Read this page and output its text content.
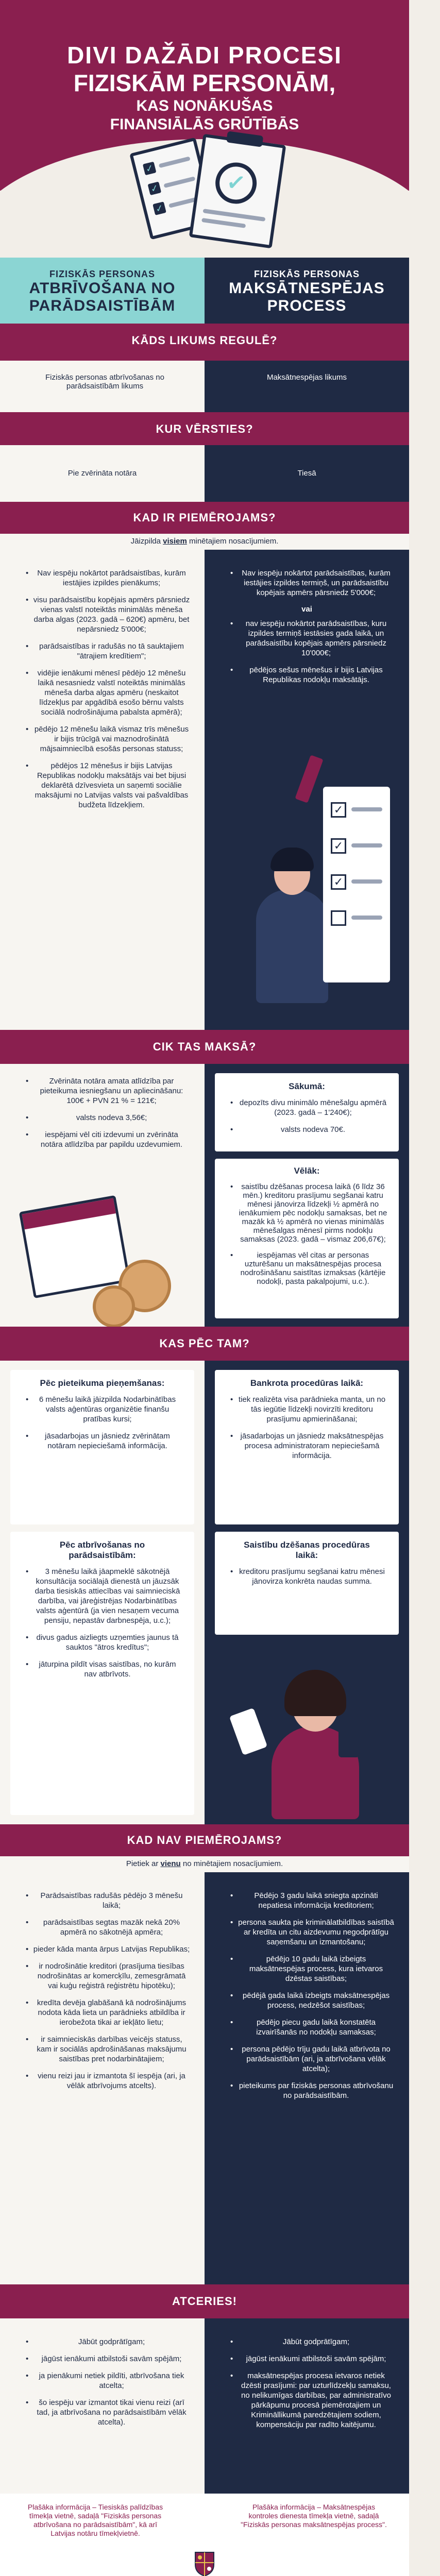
✓
✓
✓
✓
DIVI DAŽĀDI PROCESI
FIZISKĀM PERSONĀM,
KAS NONĀKUŠAS
FINANSIĀLĀS GRŪTĪBĀS
FIZISKĀS PERSONAS
ATBRĪVOŠANA NO
PARĀDSAISTĪBĀM
FIZISKĀS PERSONAS
MAKSĀTNESPĒJAS
PROCESS
KĀDS LIKUMS REGULĒ?
Fiziskās personas atbrīvošanas no parādsaistībām likums
Maksātnespējas likums
KUR VĒRSTIES?
Pie zvērināta notāra	Tiesā
KAD IR PIEMĒROJAMS?
Jāizpilda visiem minētajiem nosacījumiem.
• Nav iespēju nokārtot parādsaistības, kurām iestājies izpildes pienākums;
• visu parādsaistību kopējais apmērs pārsniedz vienas valstī noteiktās minimālās mēneša darba algas (2023. gadā – 620€) apmēru, bet nepārsniedz 5'000€;
• parādsaistības ir radušās no tā sauktajiem "ātrajiem kredītiem";
• vidējie ienākumi mēnesī pēdējo 12 mēnešu laikā nesasniedz valstī noteiktās minimālās mēneša darba algas apmēru (neskaitot līdzekļus par apgādībā esošo bērnu valsts sociālā nodrošinājuma pabalsta apmērā);
• pēdējo 12 mēnešu laikā vismaz trīs mēnešus ir bijis trūcīgā vai maznodrošinātā mājsaimniecībā esošās personas statuss;
• pēdējos 12 mēnešus ir bijis Latvijas Republikas nodokļu maksātājs vai bet bijusi deklarētā dzīvesvieta un saņemti sociālie maksājumi no Latvijas valsts vai pašvaldības budžeta līdzekļiem.
• Nav iespēju nokārtot parādsaistības, kurām iestājies izpildes termiņš, un parādsaistību kopējais apmērs pārsniedz 5'000€;
vai
• nav iespēju nokārtot parādsaistības, kuru izpildes termiņš iestāsies gada laikā, un parādsaistību kopējais apmērs pārsniedz 10'000€;
• pēdējos sešus mēnešus ir bijis Latvijas Republikas nodokļu maksātājs.
✓
✓
✓
CIK TAS MAKSĀ?
• Zvērināta notāra amata atlīdzība par pieteikuma iesniegšanu un apliecināšanu: 100€ + PVN 21 % = 121€;
• valsts nodeva 3,56€;
• iespējami vēl citi izdevumi un zvērināta notāra atlīdzība par papildu uzdevumiem.
Sākumā:
• depozīts divu minimālo mēnešalgu apmērā (2023. gadā – 1'240€);
• valsts nodeva 70€.
Vēlāk:
• saistību dzēšanas procesa laikā (6 līdz 36 mēn.) kreditoru prasījumu segšanai katru mēnesi jānovirza līdzekļi ½ apmērā no ienākumiem pēc nodokļu samaksas, bet ne mazāk kā ½ apmērā no vienas minimālās mēnešalgas mēnesī pirms nodokļu samaksas (2023. gadā – vismaz 206,67€);
• iespējamas vēl citas ar personas uzturēšanu un maksātnespējas procesa nodrošināšanu saistītas izmaksas (kārtējie nodokļi, pasta pakalpojumi, u.c.).
KAS PĒC TAM?
Pēc pieteikuma pieņemšanas:
• 6 mēnešu laikā jāizpilda Nodarbinātības valsts aģentūras organizētie finanšu pratības kursi;
• jāsadarbojas un jāsniedz zvērinātam notāram nepieciešamā informācija.
Pēc atbrīvošanas no parādsaistībām:
• 3 mēnešu laikā jāapmeklē sākotnējā konsultācija sociālajā dienestā un jāuzsāk darba tiesiskās attiecības vai saimnieciskā darbība, vai jāreģistrējas Nodarbinātības valsts aģentūrā (ja vien nesaņem vecuma pensiju, nepastāv darbnespēja, u.c.);
• divus gadus aizliegts uzņemties jaunus tā sauktos "ātros kredītus";
• jāturpina pildīt visas saistības, no kurām nav atbrīvots.
Bankrota procedūras laikā:
• tiek realizēta visa parādnieka manta, un no tās iegūtie līdzekļi novirzīti kreditoru prasījumu apmierināšanai;
• jāsadarbojas un jāsniedz maksātnespējas procesa administratoram nepieciešamā informācija.
Saistību dzēšanas procedūras laikā:
• kreditoru prasījumu segšanai katru mēnesi jānovirza konkrēta naudas summa.
KAD NAV PIEMĒROJAMS?
Pietiek ar vienu no minētajiem nosacījumiem.
• Parādsaistības radušās pēdējo 3 mēnešu laikā;
• parādsaistības segtas mazāk nekā 20% apmērā no sākotnējā apmēra;
• pieder kāda manta ārpus Latvijas Republikas;
• ir nodrošinātie kreditori (prasījuma tiesības nodrošinātas ar komercķīlu, zemesgrāmatā vai kuģu reģistrā reģistrētu hipotēku);
• kredīta devēja glabāšanā kā nodrošinājums nodota kāda lieta un parādnieks atbildība ir ierobežota tikai ar iekļāto lietu;
• ir saimnieciskās darbības veicējs statuss, kam ir sociālās apdrošināšanas maksājumu saistības pret nodarbinātajiem;
• vienu reizi jau ir izmantota šī iespēja (ari, ja vēlāk atbrīvojums atcelts).
• Pēdējo 3 gadu laikā sniegta apzināti nepatiesa informācija kreditoriem;
• persona saukta pie kriminālatbildības saistībā ar kredīta un citu aizdevumu negodprātīgu saņemšanu un izmantošanu;
• pēdējo 10 gadu laikā izbeigts maksātnespējas process, kura ietvaros dzēstas saistības;
• pēdējā gada laikā izbeigts maksātnespējas process, nedzēšot saistības;
• pēdējo piecu gadu laikā konstatēta izvairīšanās no nodokļu samaksas;
• persona pēdējo trīju gadu laikā atbrīvota no parādsaistībām (ari, ja atbrīvošana vēlāk atcelta);
• pieteikums par fiziskās personas atbrīvošanu no parādsaistībām.
ATCERIES!
• Jābūt godprātīgam;
• jāgūst ienākumi atbilstoši savām spējām;
• ja pienākumi netiek pildīti, atbrīvošana tiek atcelta;
• šo iespēju var izmantot tikai vienu reizi (arī tad, ja atbrīvošana no parādsaistībām vēlāk atcelta).
• Jābūt godprātīgam;
• jāgūst ienākumi atbilstoši savām spējām;
• maksātnespējas procesa ietvaros netiek dzēsti prasījumi: par uzturlīdzekļu samaksu, no nelikumīgas darbības, par administratīvo pārkāpumu procesā piemērotajiem un Krimināllikumā paredzētajiem sodiem, kompensāciju par radīto kaitējumu.
Plašāka informācija – Tiesiskās palīdzības tīmekļa vietnē, sadaļā "Fiziskās personas atbrīvošana no parādsaistībām", kā arī Latvijas notāru tīmekļvietnē.
Plašāka informācija – Maksātnespējas kontroles dienesta tīmekļa vietnē, sadaļā "Fiziskās personas maksātnespējas process".
